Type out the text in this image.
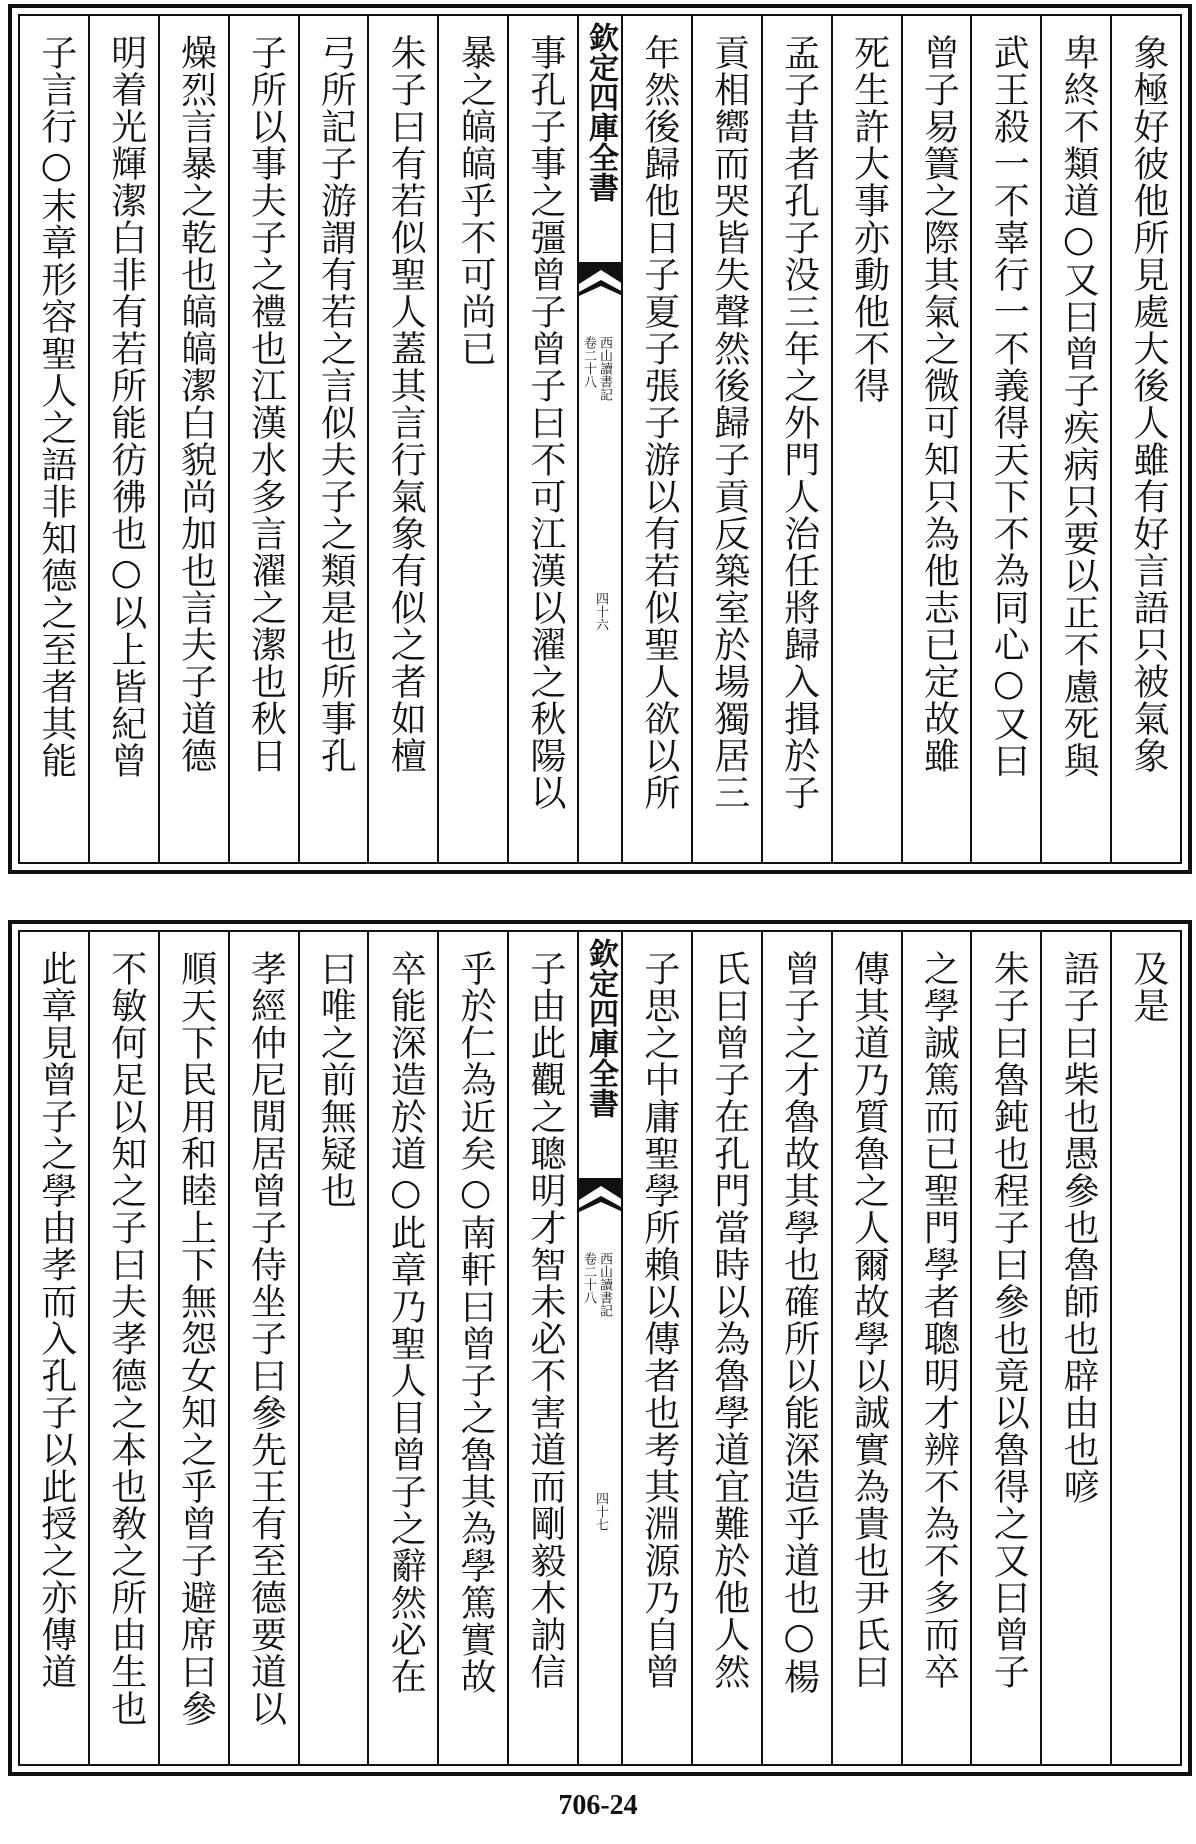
象極好彼他所見處大後人雖有好言語只被氣象
卑終不類道○又曰曾子疾病只要以正不慮死與
武王殺一不辜行一不義得天下不為同心○又曰
曾子易簀之際其氣之微可知只為他志已定故雖
死生許大事亦動他不得
孟子昔者孔子没三年之外門人治任將歸入揖於子
貢相嚮而哭皆失聲然後歸子貢反築室於場獨居三
年然後歸他日子夏子張子游以有若似聖人欲以所
欽定四庫全書
西山讀書記
卷二十八
四十六
事孔子事之彊曾子曾子曰不可江漢以濯之秋陽以
暴之皜皜乎不可尚已
朱子曰有若似聖人蓋其言行氣象有似之者如檀
弓所記子游謂有若之言似夫子之類是也所事孔
子所以事夫子之禮也江漢水多言濯之潔也秋日
燥烈言暴之乾也皜皜潔白貌尚加也言夫子道德
明着光輝潔白非有若所能彷彿也○以上皆紀曾
子言行○末章形容聖人之語非知德之至者其能
及是
語子曰柴也愚參也魯師也辟由也喭
朱子曰魯鈍也程子曰參也竟以魯得之又曰曾子
之學誠篤而已聖門學者聰明才辨不為不多而卒
傳其道乃質魯之人爾故學以誠實為貴也尹氏曰
曾子之才魯故其學也確所以能深造乎道也○楊
氏曰曾子在孔門當時以為魯學道宜難於他人然
子思之中庸聖學所賴以傳者也考其淵源乃自曾
欽定四庫全書
西山讀書記
卷二十八
四十七
子由此觀之聰明才智未必不害道而剛毅木訥信
乎於仁為近矣○南軒曰曾子之魯其為學篤實故
卒能深造於道○此章乃聖人目曾子之辭然必在
曰唯之前無疑也
孝經仲尼閒居曾子侍坐子曰參先王有至德要道以
順天下民用和睦上下無怨女知之乎曾子避席曰參
不敏何足以知之子曰夫孝德之本也敎之所由生也
此章見曾子之學由孝而入孔子以此授之亦傳道
706-24
